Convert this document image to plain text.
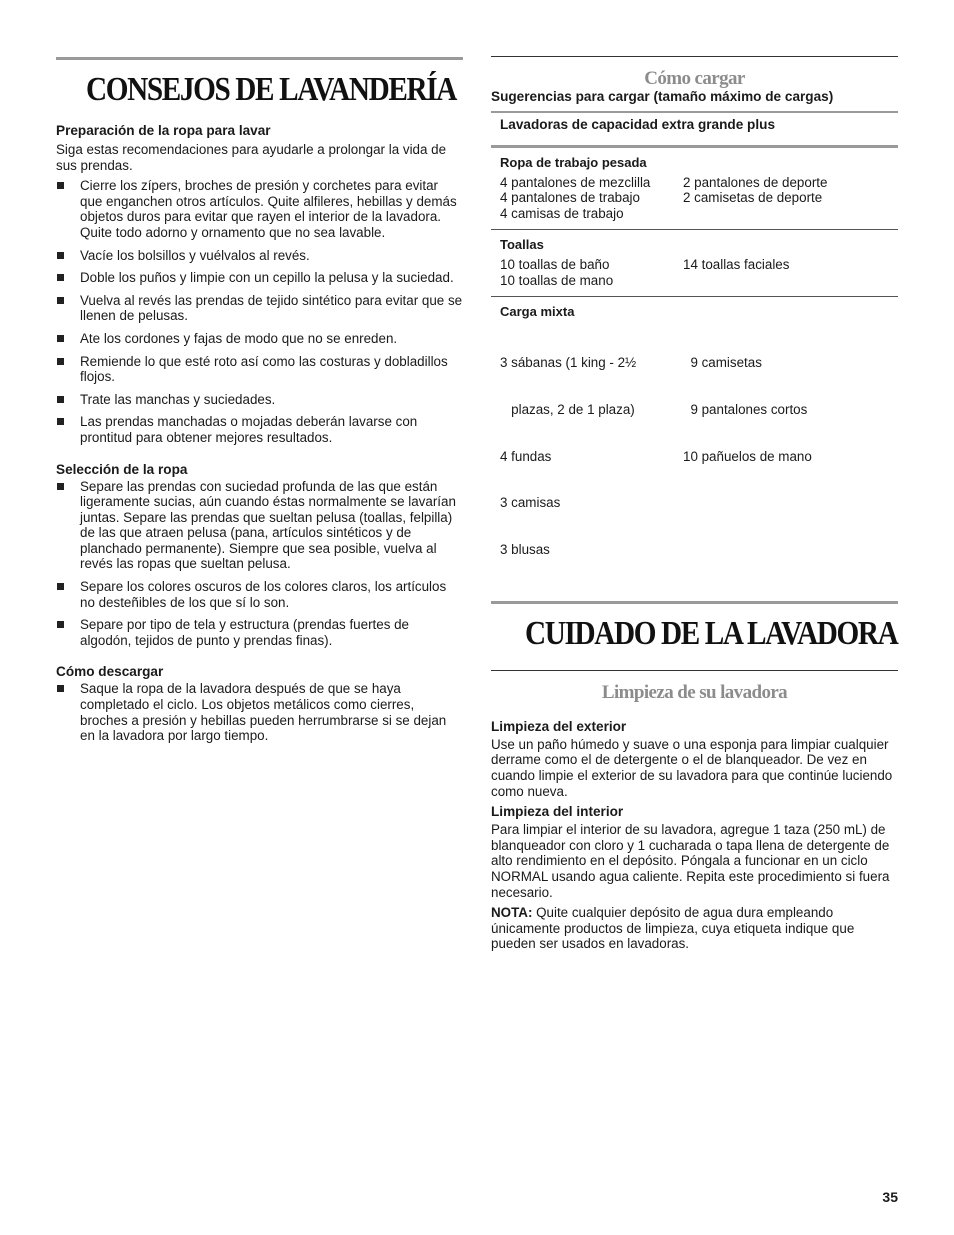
CONSEJOS DE LAVANDERÍA
Preparación de la ropa para lavar

Siga estas recomendaciones para ayudarle a prolongar la vida de sus prendas.

Cierre los zípers, broches de presión y corchetes para evitar que enganchen otros artículos. Quite alfileres, hebillas y demás objetos duros para evitar que rayen el interior de la lavadora. Quite todo adorno y ornamento que no sea lavable.
Vacíe los bolsillos y vuélvalos al revés.
Doble los puños y limpie con un cepillo la pelusa y la suciedad.
Vuelva al revés las prendas de tejido sintético para evitar que se llenen de pelusas.
Ate los cordones y fajas de modo que no se enreden.
Remiende lo que esté roto así como las costuras y dobladillos flojos.
Trate las manchas y suciedades.
Las prendas manchadas o mojadas deberán lavarse con prontitud para obtener mejores resultados.
Selección de la ropa
Separe las prendas con suciedad profunda de las que están ligeramente sucias, aún cuando éstas normalmente se lavarían juntas. Separe las prendas que sueltan pelusa (toallas, felpilla) de las que atraen pelusa (pana, artículos sintéticos y de planchado permanente). Siempre que sea posible, vuelva al revés las ropas que sueltan pelusa.
Separe los colores oscuros de los colores claros, los artículos no desteñibles de los que sí lo son.
Separe por tipo de tela y estructura (prendas fuertes de algodón, tejidos de punto y prendas finas).
Cómo descargar
Saque la ropa de la lavadora después de que se haya completado el ciclo. Los objetos metálicos como cierres, broches a presión y hebillas pueden herrumbrarse si se dejan en la lavadora por largo tiempo.
Cómo cargar
Sugerencias para cargar (tamaño máximo de cargas)
Lavadoras de capacidad extra grande plus
Ropa de trabajo pesada
4 pantalones de mezclilla
4 pantalones de trabajo
4 camisas de trabajo
2 pantalones de deporte
2 camisetas de deporte
Toallas
10 toallas de baño
10 toallas de mano
14 toallas faciales
Carga mixta

3 sábanas (1 king - 2½

plazas, 2 de 1 plaza)

4 fundas

3 camisas

3 blusas

9 camisetas

9 pantalones cortos

10 pañuelos de mano

CUIDADO DE LA LAVADORA
Limpieza de su lavadora
Limpieza del exterior

Use un paño húmedo y suave o una esponja para limpiar cualquier derrame como el de detergente o el de blanqueador. De vez en cuando limpie el exterior de su lavadora para que continúe luciendo como nueva.

Limpieza del interior

Para limpiar el interior de su lavadora, agregue 1 taza (250 mL) de blanqueador con cloro y 1 cucharada o tapa llena de detergente de alto rendimiento en el depósito. Póngala a funcionar en un ciclo NORMAL usando agua caliente. Repita este procedimiento si fuera necesario.

NOTA: Quite cualquier depósito de agua dura empleando únicamente productos de limpieza, cuya etiqueta indique que pueden ser usados en lavadoras.

35
